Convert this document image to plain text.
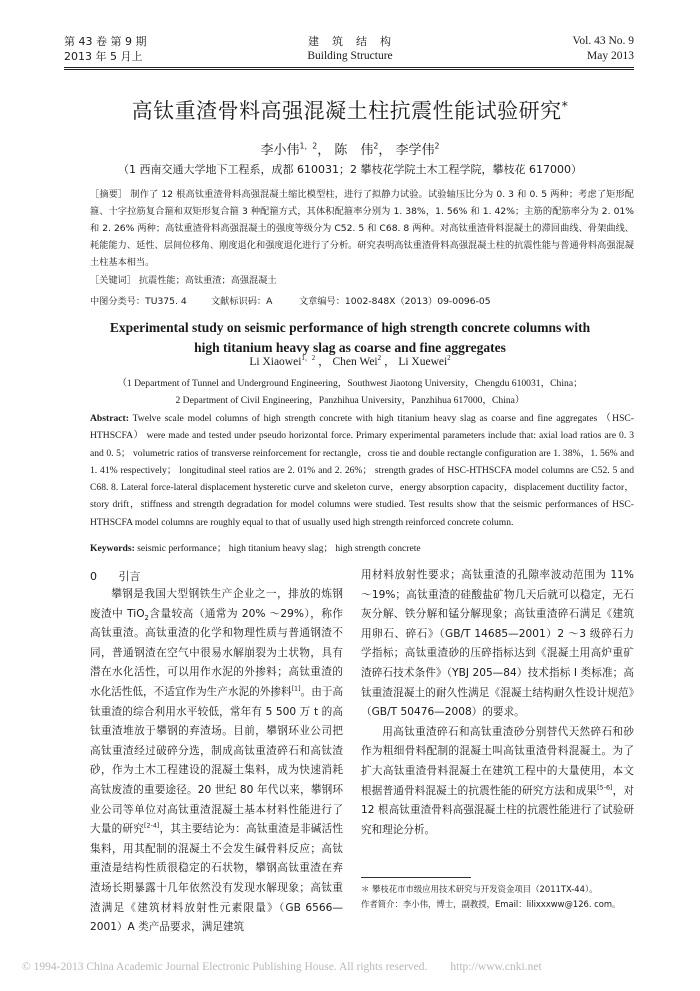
第 43 卷 第 9 期
2013 年 5 月上
建　筑　结　构
Building Structure
Vol. 43 No. 9
May 2013
高钛重渣骨料高强混凝土柱抗震性能试验研究*
李小伟$^{1,2}$， 陈　伟$^2$， 李学伟$^2$
（1 西南交通大学地下工程系，成都 610031；2 攀枝花学院土木工程学院，攀枝花 617000）
［摘要］ 制作了 12 根高钛重渣骨料高强混凝土缩比模型柱，进行了拟静力试验。试验轴压比分为 0. 3 和 0. 5 两种；考虑了矩形配箍、十字拉筋复合箍和双矩形复合箍 3 种配箍方式，其体积配箍率分别为 1. 38%，1. 56% 和 1. 42%；主筋的配筋率分为 2. 01% 和 2. 26% 两种；高钛重渣骨料高强混凝土的强度等级分为 C52. 5 和 C68. 8 两种。对高钛重渣骨料混凝土的滞回曲线、骨架曲线、耗能能力、延性、层间位移角、刚度退化和强度退化进行了分析。研究表明高钛重渣骨料高强混凝土柱的抗震性能与普通骨料高强混凝土柱基本相当。
［关键词］ 抗震性能；高钛重渣；高强混凝土
中图分类号：TU375. 4	文献标识码：A	文章编号：1002-848X（2013）09-0096-05
Experimental study on seismic performance of high strength concrete columns with high titanium heavy slag as coarse and fine aggregates
Li Xiaowei$^{1,2}$ ， Chen Wei$^2$ ， Li Xuewei$^2$
（1 Department of Tunnel and Underground Engineering，Southwest Jiaotong University，Chengdu 610031，China；
2 Department of Civil Engineering，Panzhihua University，Panzhihua 617000，China）
Abstract: Twelve scale model columns of high strength concrete with high titanium heavy slag as coarse and fine aggregates （HSC-HTHSCFA） were made and tested under pseudo horizontal force. Primary experimental parameters include that: axial load ratios are 0. 3 and 0. 5； volumetric ratios of transverse reinforcement for rectangle，cross tie and double rectangle configuration are 1. 38%，1. 56% and 1. 41% respectively； longitudinal steel ratios are 2. 01% and 2. 26%； strength grades of HSC-HTHSCFA model columns are C52. 5 and C68. 8. Lateral force-lateral displacement hysteretic curve and skeleton curve，energy absorption capacity，displacement ductility factor，story drift，stiffness and strength degradation for model columns were studied. Test results show that the seismic performances of HSC-HTHSCFA model columns are roughly equal to that of usually used high strength reinforced concrete column.
Keywords: seismic performance； high titanium heavy slag； high strength concrete
0 引言

攀钢是我国大型钢铁生产企业之一，排放的炼钢废渣中 TiO$_2$含量较高（通常为 20% ～29%），称作高钛重渣。高钛重渣的化学和物理性质与普通钢渣不同，普通钢渣在空气中很易水解崩裂为土状物，具有潜在水化活性，可以用作水泥的外掺料；高钛重渣的水化活性低，不适宜作为生产水泥的外掺料[1]。由于高钛重渣的综合利用水平较低，常年有 5 500 万 t 的高钛重渣堆放于攀钢的弃渣场。目前，攀钢环业公司把高钛重渣经过破碎分选，制成高钛重渣碎石和高钛渣砂，作为土木工程建设的混凝土集料，成为快速消耗高钛废渣的重要途径。20 世纪 80 年代以来，攀钢环业公司等单位对高钛重渣混凝土基本材料性能进行了大量的研究[2-4]，其主要结论为：高钛重渣是非碱活性集料，用其配制的混凝土不会发生碱骨料反应；高钛重渣是结构性质很稳定的石状物，攀钢高钛重渣在弃渣场长期暴露十几年依然没有发现水解现象；高钛重渣满足《建筑材料放射性元素限量》（GB 6566—2001）A 类产品要求，满足建筑

用材料放射性要求；高钛重渣的孔隙率波动范围为 11% ～19%；高钛重渣的硅酸盐矿物几天后就可以稳定，无石灰分解、铁分解和锰分解现象；高钛重渣碎石满足《建筑用卵石、碎石》（GB/T 14685—2001）2 ～3 级碎石力学指标；高钛重渣砂的压碎指标达到《混凝土用高炉重矿渣碎石技术条件》（YBJ 205—84）技术指标 I 类标准；高钛重渣混凝土的耐久性满足《混凝土结构耐久性设计规范》（GB/T 50476—2008）的要求。

用高钛重渣碎石和高钛重渣砂分别替代天然碎石和砂作为粗细骨料配制的混凝土叫高钛重渣骨料混凝土。为了扩大高钛重渣骨料混凝土在建筑工程中的大量使用，本文根据普通骨料混凝土的抗震性能的研究方法和成果[5-6]，对 12 根高钛重渣骨料高强混凝土柱的抗震性能进行了试验研究和理论分析。

＊ 攀枝花市市级应用技术研究与开发资金项目（2011TX-44）。
作者简介：李小伟，博士，副教授，Email：lilixxxww@126. com。
© 1994-2013 China Academic Journal Electronic Publishing House. All rights reserved.　　http://www.cnki.net
